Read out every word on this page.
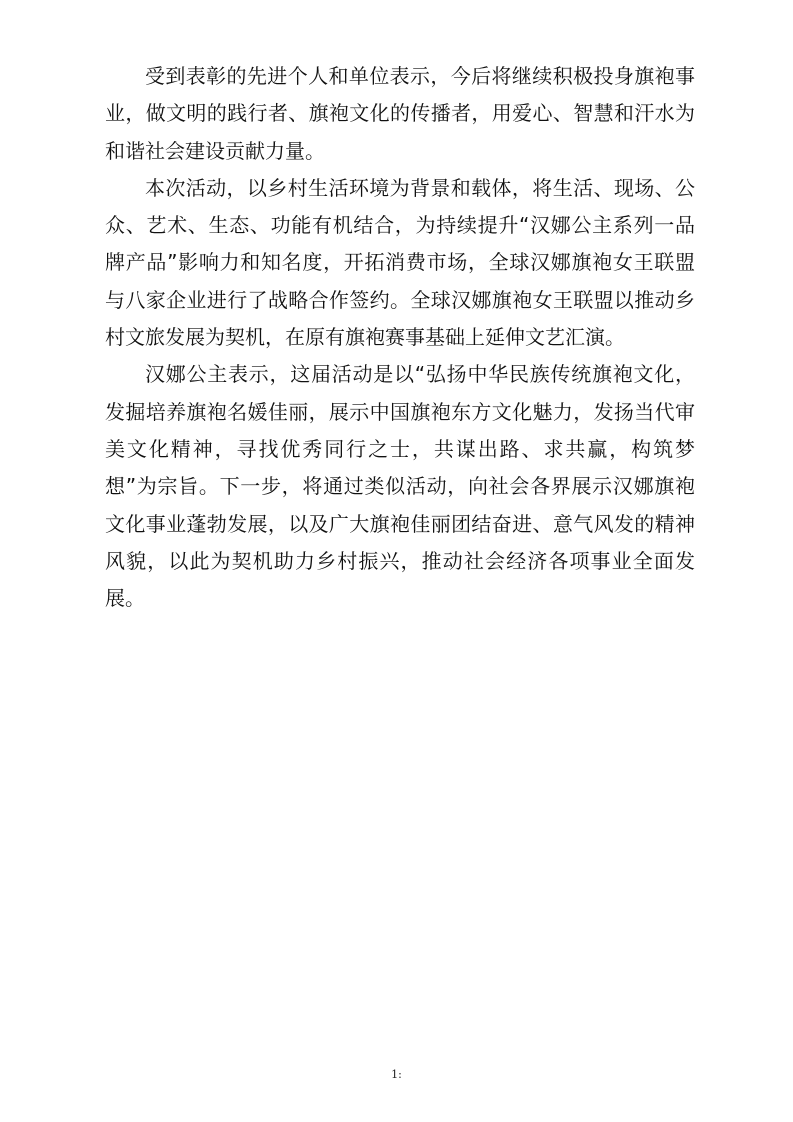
受到表彰的先进个人和单位表示，今后将继续积极投身旗袍事业，做文明的践行者、旗袍文化的传播者，用爱心、智慧和汗水为和谐社会建设贡献力量。

本次活动，以乡村生活环境为背景和载体，将生活、现场、公众、艺术、生态、功能有机结合，为持续提升“汉娜公主系列一品牌产品”影响力和知名度，开拓消费市场，全球汉娜旗袍女王联盟与八家企业进行了战略合作签约。全球汉娜旗袍女王联盟以推动乡村文旅发展为契机，在原有旗袍赛事基础上延伸文艺汇演。

汉娜公主表示，这届活动是以“弘扬中华民族传统旗袍文化，发掘培养旗袍名媛佳丽，展示中国旗袍东方文化魅力，发扬当代审美文化精神，寻找优秀同行之士，共谋出路、求共赢，构筑梦想”为宗旨。下一步，将通过类似活动，向社会各界展示汉娜旗袍文化事业蓬勃发展，以及广大旗袍佳丽团结奋进、意气风发的精神风貌，以此为契机助力乡村振兴，推动社会经济各项事业全面发展。

1:
